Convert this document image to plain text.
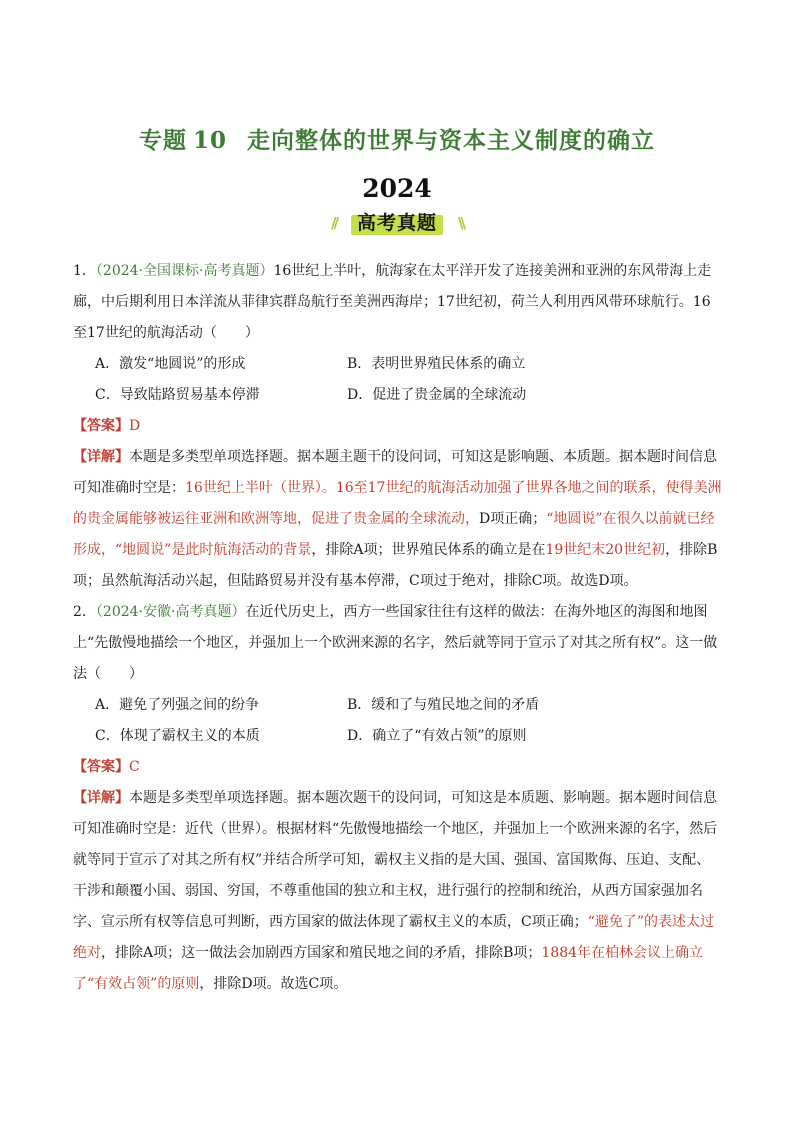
专题 10 走向整体的世界与资本主义制度的确立
2024
//	\\
高考真题

1．（2024·全国课标·高考真题）16世纪上半叶，航海家在太平洋开发了连接美洲和亚洲的东风带海上走廊，中后期利用日本洋流从菲律宾群岛航行至美洲西海岸；17世纪初，荷兰人利用西风带环球航行。16至17世纪的航海活动（　　）

A．激发“地圆说”的形成	B．表明世界殖民体系的确立
C．导致陆路贸易基本停滞	D．促进了贵金属的全球流动

【答案】D

【详解】本题是多类型单项选择题。据本题主题干的设问词，可知这是影响题、本质题。据本题时间信息可知准确时空是：16世纪上半叶（世界）。16至17世纪的航海活动加强了世界各地之间的联系，使得美洲的贵金属能够被运往亚洲和欧洲等地，促进了贵金属的全球流动，D项正确；“地圆说”在很久以前就已经形成，“地圆说”是此时航海活动的背景，排除A项；世界殖民体系的确立是在19世纪末20世纪初，排除B项；虽然航海活动兴起，但陆路贸易并没有基本停滞，C项过于绝对，排除C项。故选D项。

2．（2024·安徽·高考真题）在近代历史上，西方一些国家往往有这样的做法：在海外地区的海图和地图上“先傲慢地描绘一个地区，并强加上一个欧洲来源的名字，然后就等同于宣示了对其之所有权”。这一做法（　　）

A．避免了列强之间的纷争	B．缓和了与殖民地之间的矛盾
C．体现了霸权主义的本质	D．确立了“有效占领”的原则

【答案】C

【详解】本题是多类型单项选择题。据本题次题干的设问词，可知这是本质题、影响题。据本题时间信息可知准确时空是：近代（世界）。根据材料“先傲慢地描绘一个地区，并强加上一个欧洲来源的名字，然后就等同于宣示了对其之所有权”并结合所学可知，霸权主义指的是大国、强国、富国欺侮、压迫、支配、干涉和颠覆小国、弱国、穷国，不尊重他国的独立和主权，进行强行的控制和统治，从西方国家强加名字、宣示所有权等信息可判断，西方国家的做法体现了霸权主义的本质，C项正确；“避免了”的表述太过绝对，排除A项；这一做法会加剧西方国家和殖民地之间的矛盾，排除B项；1884年在柏林会议上确立了“有效占领”的原则，排除D项。故选C项。
